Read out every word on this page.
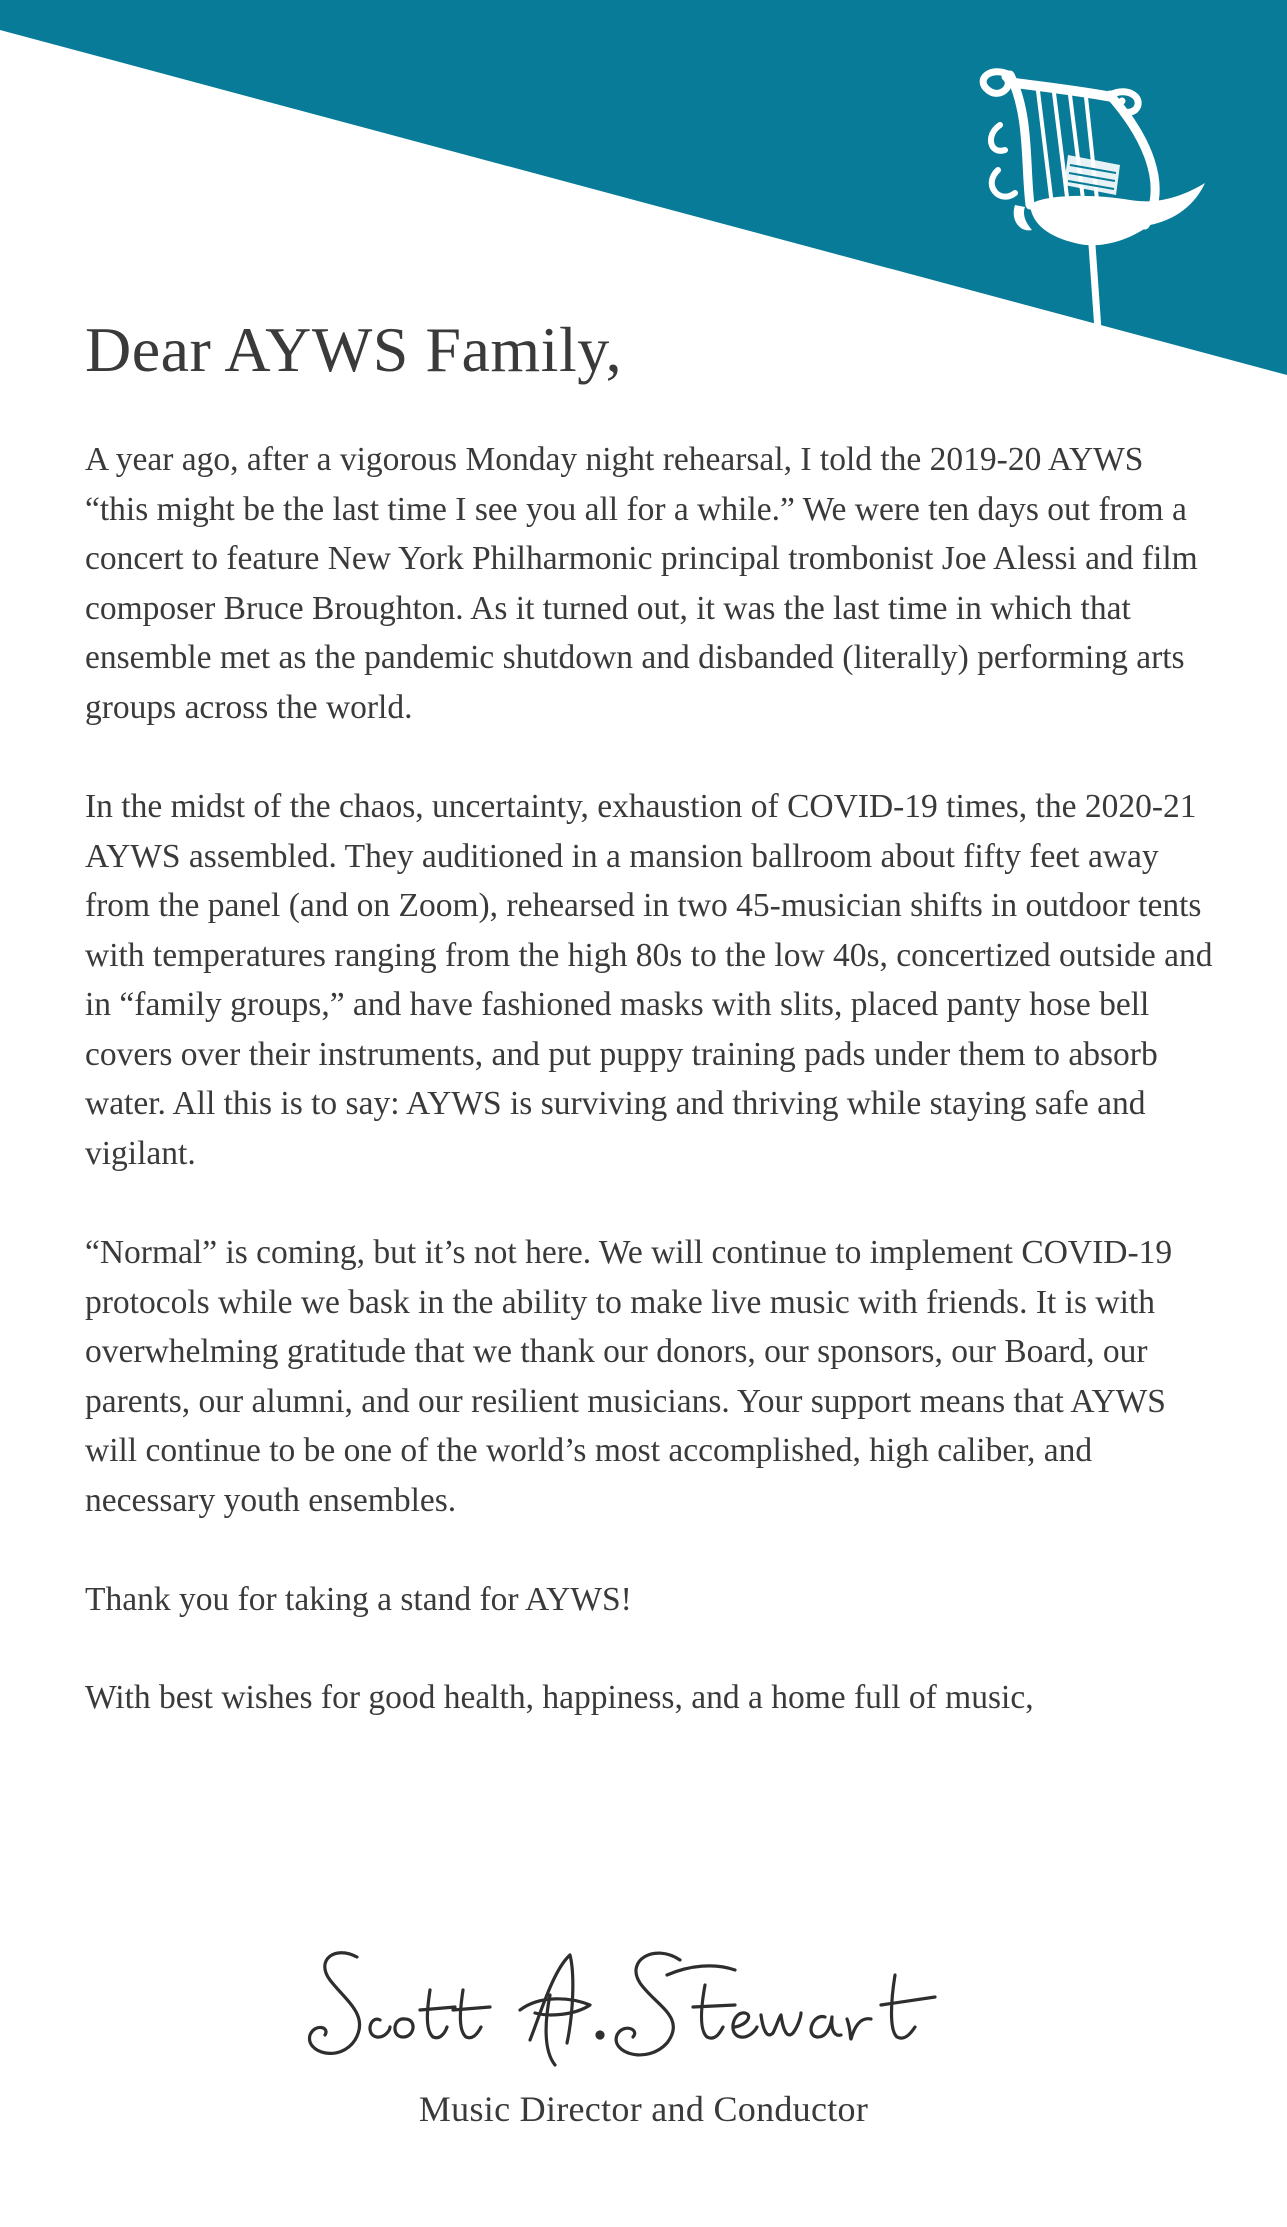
Dear AYWS Family,

A year ago, after a vigorous Monday night rehearsal, I told the 2019-20 AYWS “this might be the last time I see you all for a while.” We were ten days out from a concert to feature New York Philharmonic principal trombonist Joe Alessi and film composer Bruce Broughton. As it turned out, it was the last time in which that ensemble met as the pandemic shutdown and disbanded (literally) performing arts groups across the world.

In the midst of the chaos, uncertainty, exhaustion of COVID-19 times, the 2020-21 AYWS assembled. They auditioned in a mansion ballroom about fifty feet away from the panel (and on Zoom), rehearsed in two 45-musician shifts in outdoor tents with temperatures ranging from the high 80s to the low 40s, concertized outside and in “family groups,” and have fashioned masks with slits, placed panty hose bell covers over their instruments, and put puppy training pads under them to absorb water. All this is to say: AYWS is surviving and thriving while staying safe and vigilant.

“Normal” is coming, but it’s not here. We will continue to implement COVID-19 protocols while we bask in the ability to make live music with friends. It is with overwhelming gratitude that we thank our donors, our sponsors, our Board, our parents, our alumni, and our resilient musicians. Your support means that AYWS will continue to be one of the world’s most accomplished, high caliber, and necessary youth ensembles.

Thank you for taking a stand for AYWS!

With best wishes for good health, happiness, and a home full of music,

Music Director and Conductor
